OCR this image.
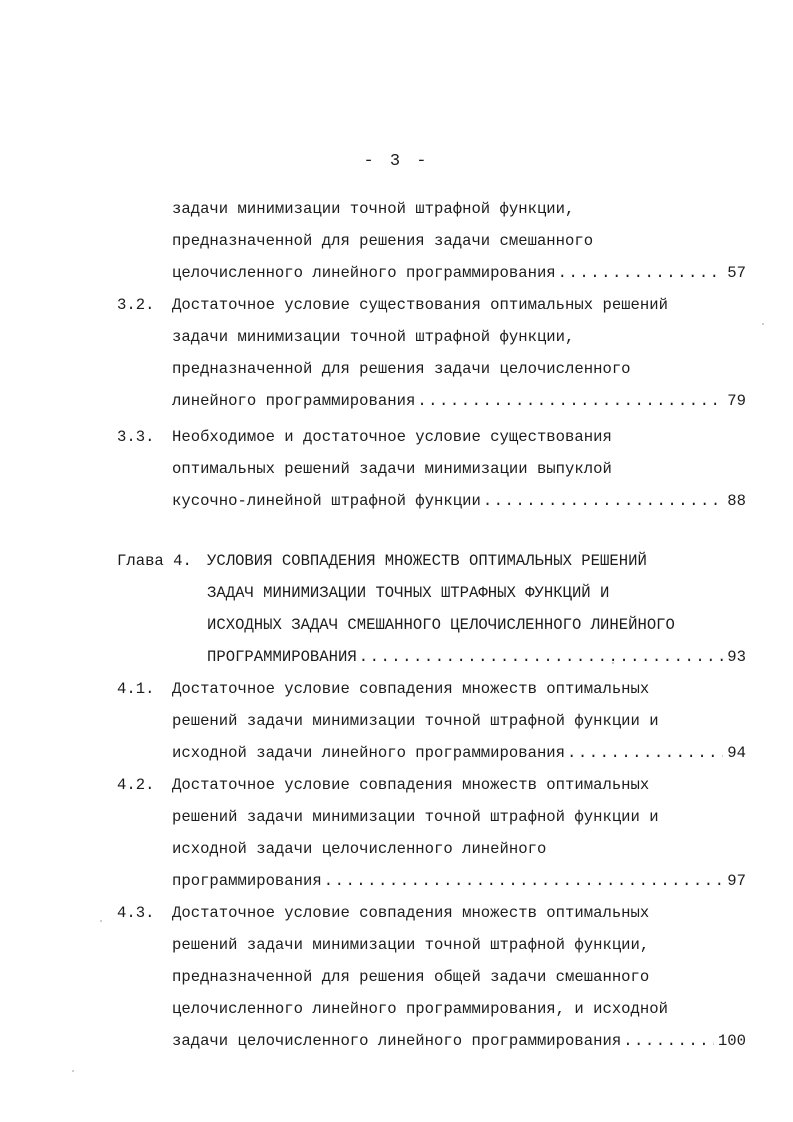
- 3 -
задачи минимизации точной штрафной функции,
предназначенной для решения задачи смешанного
целочисленного линейного программирования .....	57
3.2. Достаточное условие существования оптимальных решений
задачи минимизации точной штрафной функции,
предназначенной для решения задачи целочисленного
линейного программирования .....	79
3.3. Необходимое и достаточное условие существования
оптимальных решений задачи минимизации выпуклой
кусочно-линейной штрафной функции .....	88
Глава 4. УСЛОВИЯ СОВПАДЕНИЯ МНОЖЕСТВ ОПТИМАЛЬНЫХ РЕШЕНИЙ
ЗАДАЧ МИНИМИЗАЦИИ ТОЧНЫХ ШТРАФНЫХ ФУНКЦИЙ И
ИСХОДНЫХ ЗАДАЧ СМЕШАННОГО ЦЕЛОЧИСЛЕННОГО ЛИНЕЙНОГО
ПРОГРАММИРОВАНИЯ .....	93
4.1. Достаточное условие совпадения множеств оптимальных
решений задачи минимизации точной штрафной функции и
исходной задачи линейного программирования .....	94
4.2. Достаточное условие совпадения множеств оптимальных
решений задачи минимизации точной штрафной функции и
исходной задачи целочисленного линейного
программирования .....	97
4.3. Достаточное условие совпадения множеств оптимальных
решений задачи минимизации точной штрафной функции,
предназначенной для решения общей задачи смешанного
целочисленного линейного программирования, и исходной
задачи целочисленного линейного программирования .....	100
